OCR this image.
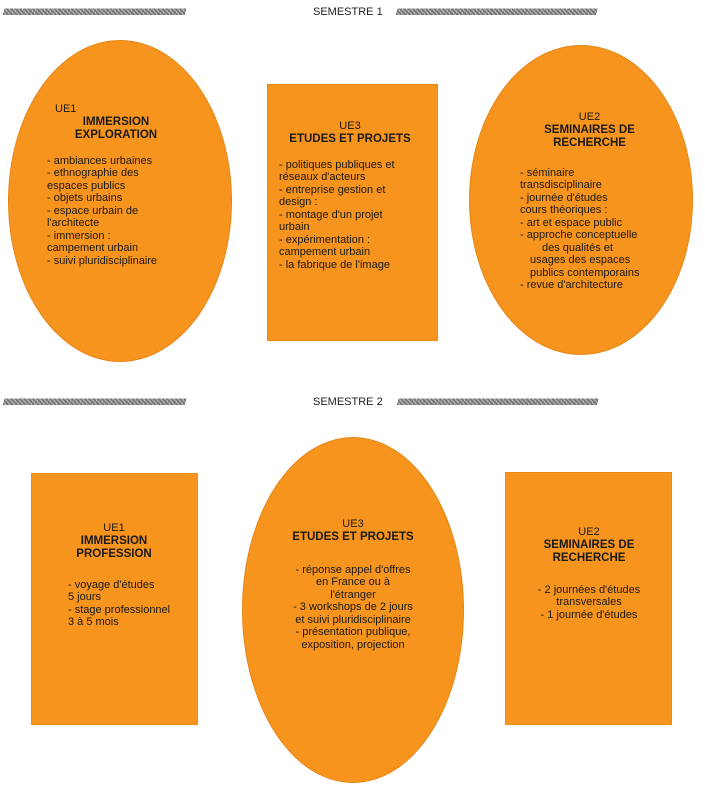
////////////////////////////////////////////////////////////////////////////////////////////////////////////////////////////////////////////	SEMESTRE 1 //////////////////////////////////////////////////////////////////////////////////////////////////////////////////////////////////////////////////////////
UE1
IMMERSION
EXPLORATION
- ambiances urbaines
- ethnographie des
espaces publics
- objets urbains
- espace urbain de
l'architecte
- immersion :
campement urbain
- suivi pluridisciplinaire
UE3
ETUDES ET PROJETS
- politiques publiques et
réseaux d'acteurs
- entreprise gestion et
design :
- montage d'un projet
urbain
- expérimentation :
campement urbain
- la fabrique de l'image
UE2
SEMINAIRES DE
RECHERCHE
- séminaire
transdisciplinaire
- journée d'études
cours théoriques :
- art et espace public
- approche conceptuelle
des qualités et
usages des espaces
publics contemporains
- revue d'architecture
////////////////////////////////////////////////////////////////////////////////////////////////////////////////////////////////////////////	SEMESTRE 2 //////////////////////////////////////////////////////////////////////////////////////////////////////////////////////////////////////////////////////////
UE1
IMMERSION
PROFESSION
- voyage d'études
5 jours
- stage professionnel
3 à 5 mois
UE3
ETUDES ET PROJETS
- réponse appel d'offres
en France ou à
l'étranger
- 3 workshops de 2 jours
et suivi pluridisciplinaire
- présentation publique,
exposition, projection
UE2
SEMINAIRES DE
RECHERCHE
- 2 journées d'études
transversales
- 1 journée d'études
